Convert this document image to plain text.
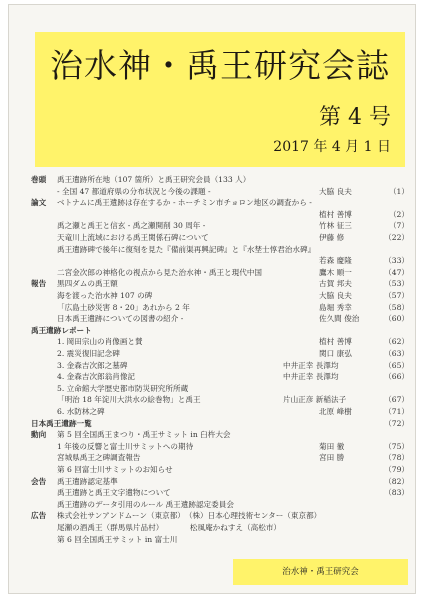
治水神・禹王研究会誌
第 4 号
2017 年 4 月 1 日
巻頭 禹王遺跡所在地（107 箇所）と禹王研究会員（133 人）
- 全国 47 都道府県の分布状況と今後の課題 -	大脇 良夫	（1）
論文 ベトナムに禹王遺跡は存在するか - ホーチミン市チョロン地区の調査から -
植村 善博	（2）
禹之瀬と禹王と信玄 - 禹之瀬開削 30 周年 -	竹林 征三	（7）
天竜川上流域における禹王関係石碑について	伊藤 修	（22）
禹王遺跡碑で後年に復刻を見た『備前渠再興記碑』と『水埜士惇君治水碑』
若森 慶隆	（33）
二宮金次郎の神格化の視点から見た治水神・禹王と現代中国	鷹木 順一	（47）
報告 黒四ダムの禹王額	古賀 邦夫	（53）
海を渡った治水神 107 の碑	大脇 良夫	（57）
「広島土砂災害 8・20」あれから 2 年	島堀 秀幸	（58）
日本禹王遺跡についての図書の紹介 -	佐久間 俊治	（60）
禹王遺跡レポート
1. 岡田宗山の肖像画と賛	植村 善博	（62）
2. 震災復旧記念碑	関口 康弘	（63）
3. 金森吉次郎之墓碑	中井正幸 長澤均	（65）
4. 金森吉次郎翁肖像記	中井正幸 長澤均	（66）
5. 立命館大学歴史都市防災研究所所蔵
「明治 18 年淀川大洪水の絵巻物」と禹王	片山正彦 新稲法子	（67）
6. 水防林之碑	北原 峰樹	（71）
日本禹王遺跡一覧	（72）
動向 第 5 回全国禹王まつり・禹王サミット in 臼杵大会
1 年後の反響と富士川サミットへの期待	菊田 徹	（75）
宮城県禹王之碑調査報告	宮田 勝	（78）
第 6 回富士川サミットのお知らせ	（79）
会告 禹王遺跡認定基準	（82）
禹王遺跡と禹王文字遺物について	（83）
禹王遺跡のデータ引用のルール 禹王遺跡認定委員会
広告 株式会社サンアンドムーン（東京都）　（株）日本心理技術センター（東京都）
尾瀬の酒禹王（群馬県片品村）　　　　松風庵かねすえ（高松市）
第 6 回全国禹王サミット in 富士川
治水神・禹王研究会
